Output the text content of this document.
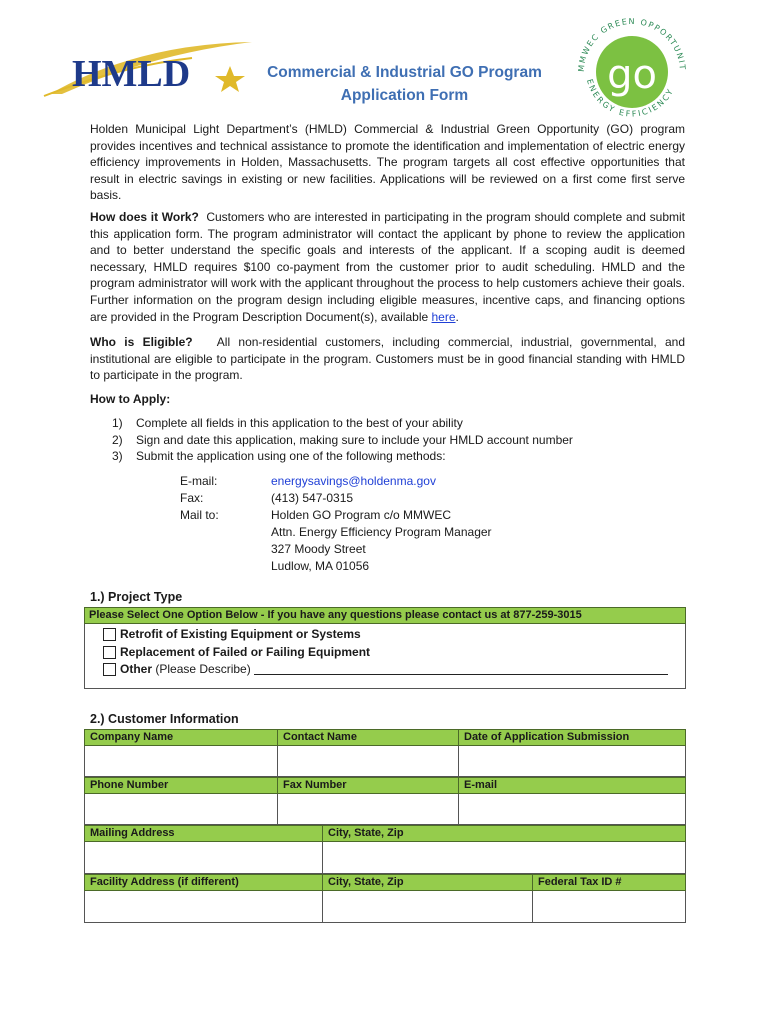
HMLD	Commercial & Industrial GO Program
Application Form	go
MMWEC GREEN OPPORTUNIT
ENERGY EFFICIENCY
Holden Municipal Light Department’s (HMLD) Commercial & Industrial Green Opportunity (GO) program provides incentives and technical assistance to promote the identification and implementation of electric energy efficiency improvements in Holden, Massachusetts. The program targets all cost effective opportunities that result in electric savings in existing or new facilities. Applications will be reviewed on a first come first serve basis.
How does it Work? Customers who are interested in participating in the program should complete and submit this application form. The program administrator will contact the applicant by phone to review the application and to better understand the specific goals and interests of the applicant. If a scoping audit is deemed necessary, HMLD requires $100 co-payment from the customer prior to audit scheduling. HMLD and the program administrator will work with the applicant throughout the process to help customers achieve their goals. Further information on the program design including eligible measures, incentive caps, and financing options are provided in the Program Description Document(s), available here.
Who is Eligible? All non-residential customers, including commercial, industrial, governmental, and institutional are eligible to participate in the program. Customers must be in good financial standing with HMLD to participate in the program.
How to Apply:
1)	Complete all fields in this application to the best of your ability
2)	Sign and date this application, making sure to include your HMLD account number
3)	Submit the application using one of the following methods:
E-mail:	energysavings@holdenma.gov
Fax:	(413) 547-0315
Mail to:	Holden GO Program c/o MMWEC
Attn. Energy Efficiency Program Manager
327 Moody Street
Ludlow, MA 01056
1.) Project Type
Please Select One Option Below - If you have any questions please contact us at 877-259-3015
Retrofit of Existing Equipment or Systems
Replacement of Failed or Failing Equipment
Other
(Please Describe)
2.) Customer Information
Company Name	Contact Name	Date of Application Submission
Phone Number	Fax Number	E-mail
Mailing Address	City, State, Zip
Facility Address (if different)	City, State, Zip	Federal Tax ID #
